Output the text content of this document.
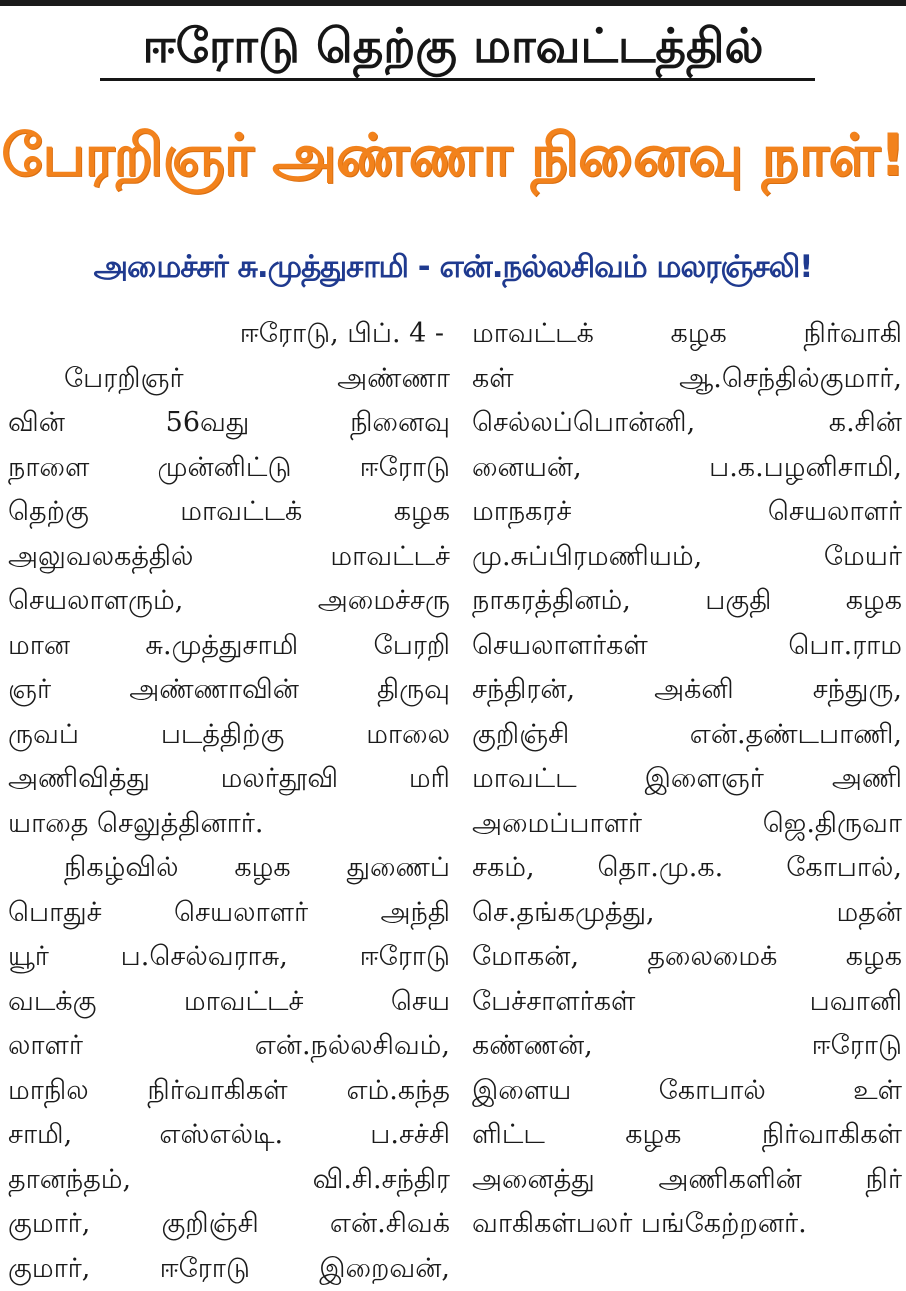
ஈரோடு தெற்கு மாவட்டத்தில்
பேரறிஞர் அண்ணா நினைவு நாள்!
அமைச்சர் சு.முத்துசாமி - என்.நல்லசிவம் மலரஞ்சலி!
ஈரோடு, பிப். 4 -
பேரறிஞர் அண்ணா
வின் 56வது நினைவு
நாளை முன்னிட்டு ஈரோடு
தெற்கு மாவட்டக் கழக
அலுவலகத்தில் மாவட்டச்
செயலாளரும், அமைச்சரு
மான சு.முத்துசாமி பேரறி
ஞர் அண்ணாவின் திருவு
ருவப் படத்திற்கு மாலை
அணிவித்து மலர்தூவி மரி
யாதை செலுத்தினார்.
நிகழ்வில் கழக துணைப்
பொதுச் செயலாளர் அந்தி
யூர் ப.செல்வராசு, ஈரோடு
வடக்கு மாவட்டச் செய
லாளர் என்.நல்லசிவம்,
மாநில நிர்வாகிகள் எம்.கந்த
சாமி, எஸ்எல்டி. ப.சச்சி
தானந்தம், வி.சி.சந்திர
குமார், குறிஞ்சி என்.சிவக்
குமார், ஈரோடு இறைவன்,
மாவட்டக் கழக நிர்வாகி
கள் ஆ.செந்தில்குமார்,
செல்லப்பொன்னி, க.சின்
னையன், ப.க.பழனிசாமி,
மாநகரச் செயலாளர்
மு.சுப்பிரமணியம், மேயர்
நாகரத்தினம், பகுதி கழக
செயலாளர்கள் பொ.ராம
சந்திரன், அக்னி சந்துரு,
குறிஞ்சி என்.தண்டபாணி,
மாவட்ட இளைஞர் அணி
அமைப்பாளர் ஜெ.திருவா
சகம், தொ.மு.க. கோபால்,
செ.தங்கமுத்து, மதன்
மோகன், தலைமைக் கழக
பேச்சாளர்கள் பவானி
கண்ணன், ஈரோடு
இளைய கோபால் உள்
ளிட்ட கழக நிர்வாகிகள்
அனைத்து அணிகளின் நிர்
வாகிகள்பலர் பங்கேற்றனர்.
